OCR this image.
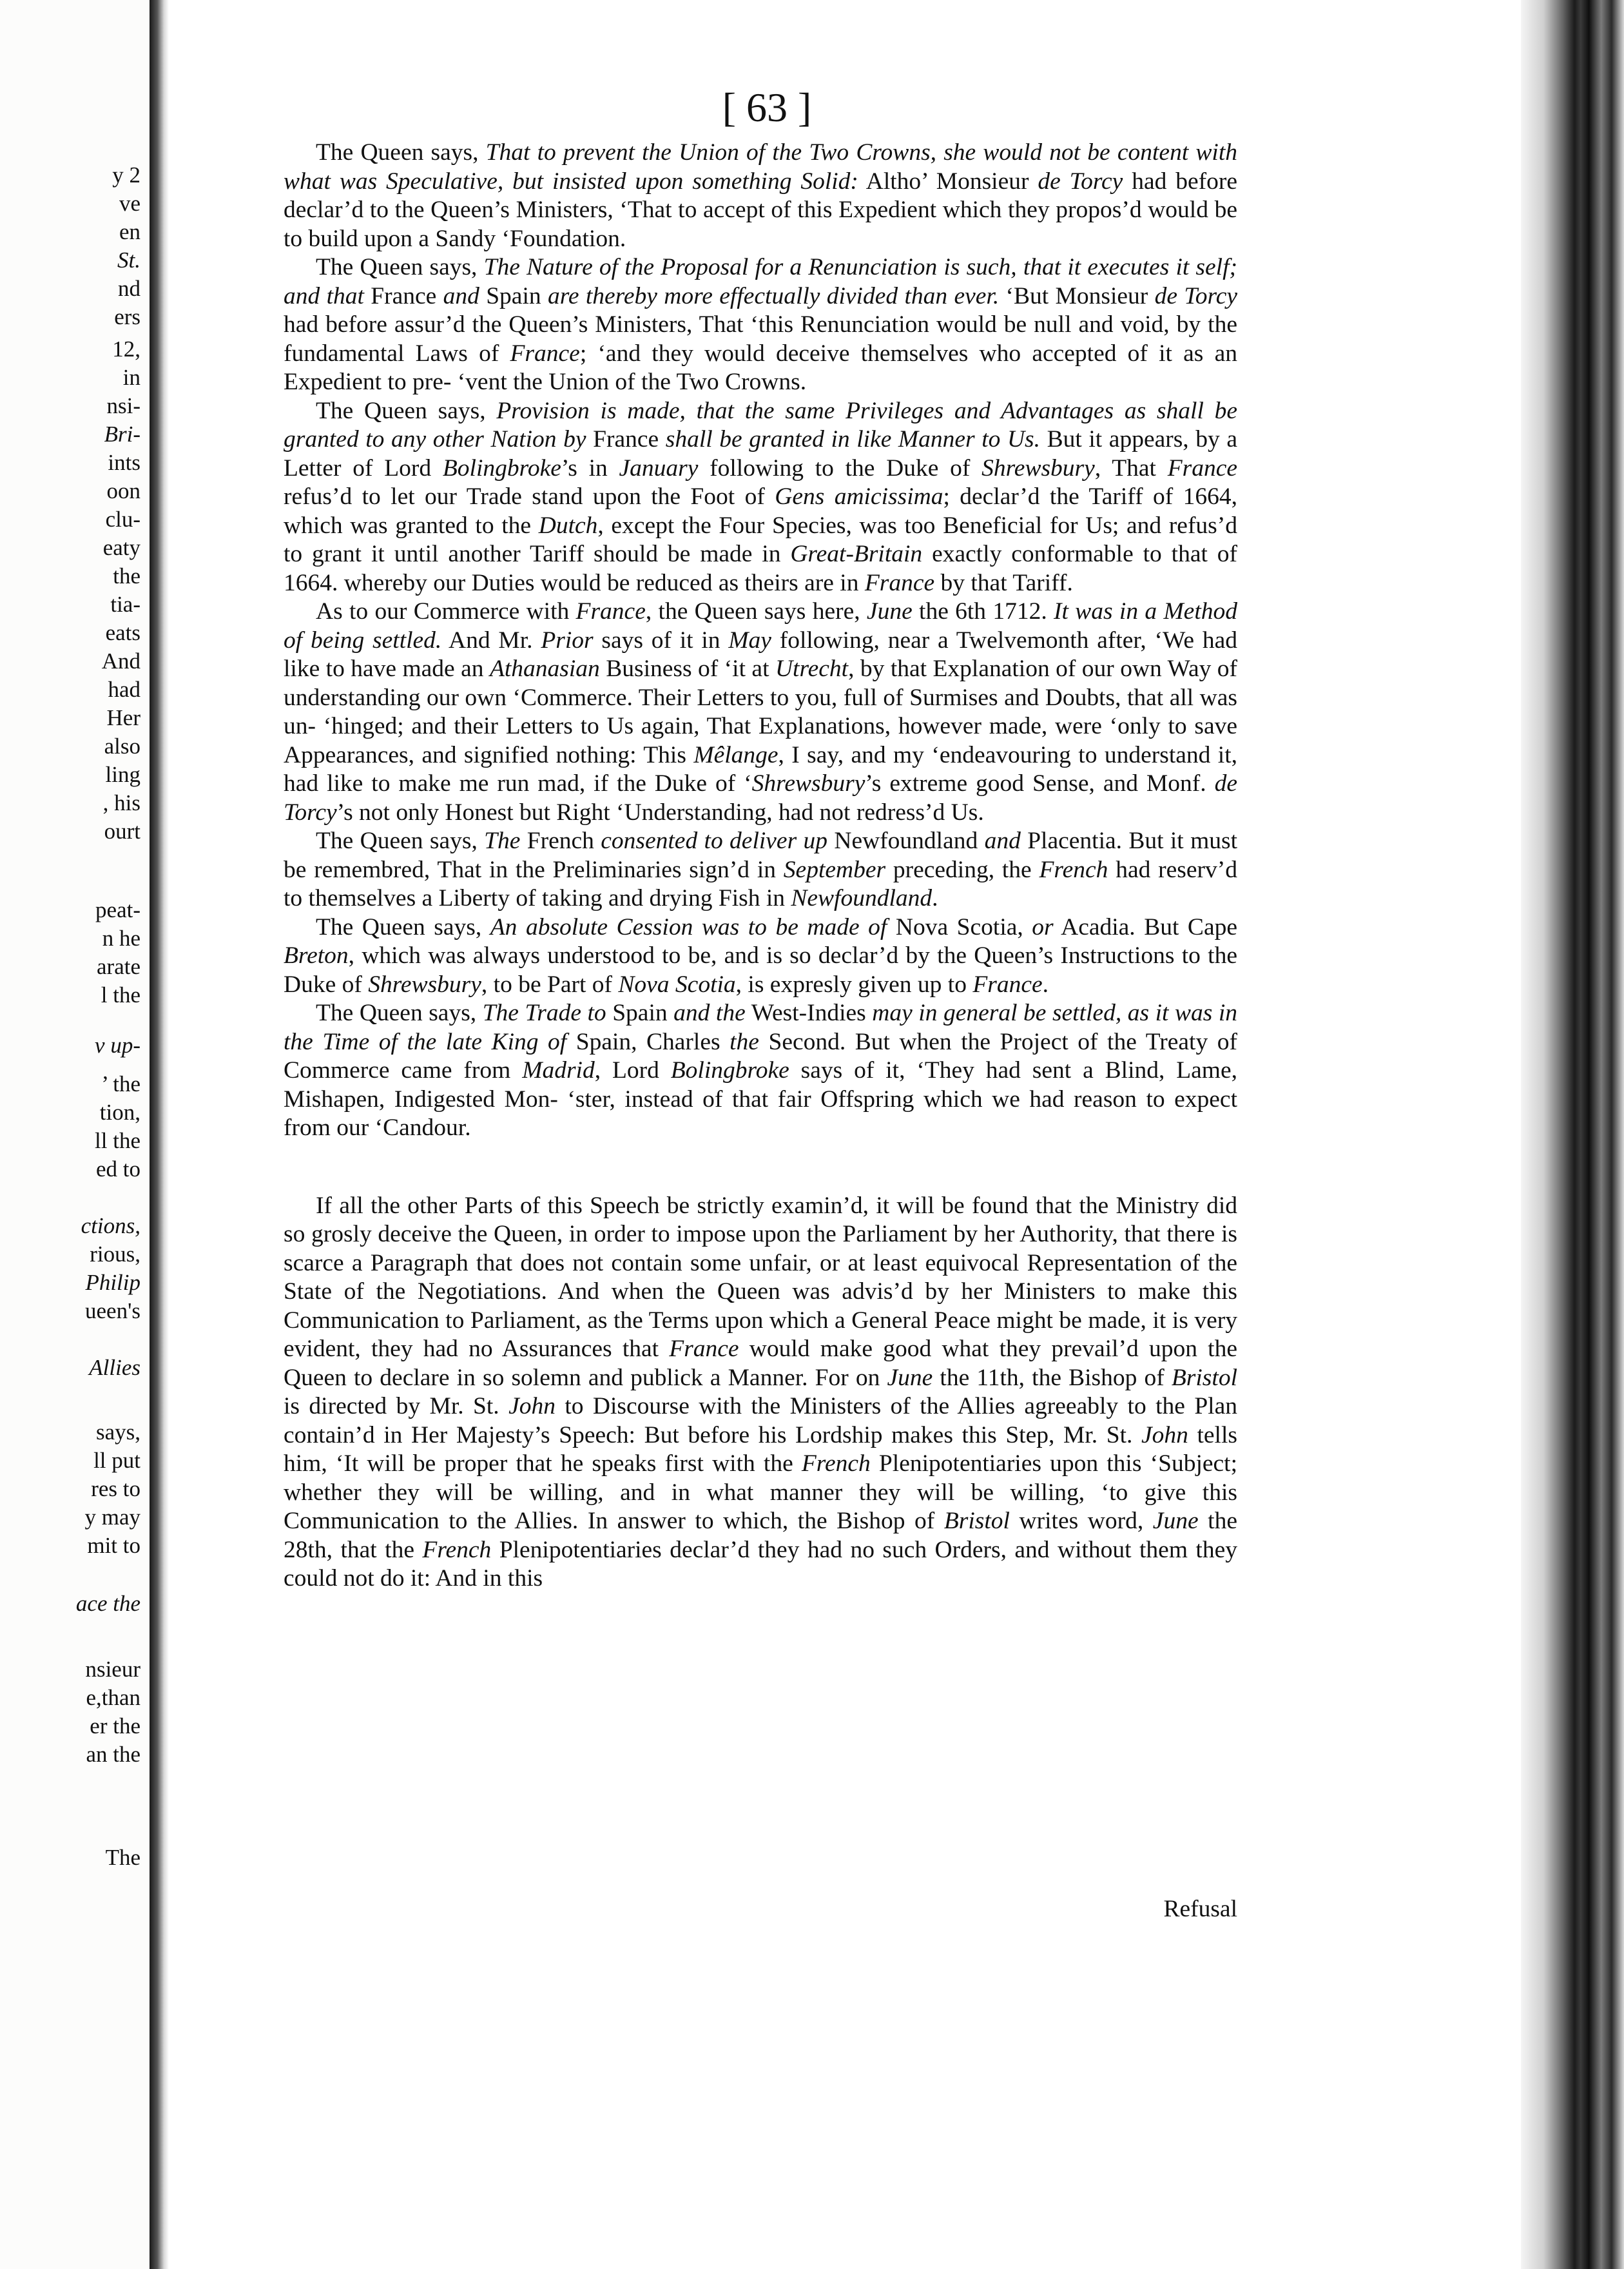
y 2

ve

en

St.

nd

ers

12,

in

nsi-

Bri-

ints

oon

clu-

eaty

the

tia-

eats

And

had

Her

also

ling

, his

ourt

peat-

n he

arate

l the

v up-

’ the

tion,

ll the

ed to

ctions,

rious,

Philip

ueen's

Allies

says,

ll put

res to

y may

mit to

ace the

nsieur

e,than

er the

an the

The

[ 63 ]

The Queen says, That to prevent the Union of the Two Crowns, she would not be content with what was Speculative, but insisted upon something Solid: Altho’ Monsieur de Torcy had before declar’d to the Queen’s Ministers, ‘That to accept of this Expedient which they propos’d would be to build upon a Sandy ‘Foundation.

The Queen says, The Nature of the Proposal for a Renunciation is such, that it executes it self; and that France and Spain are thereby more effectually divided than ever. ‘But Monsieur de Torcy had before assur’d the Queen’s Ministers, That ‘this Renunciation would be null and void, by the fundamental Laws of France; ‘and they would deceive themselves who accepted of it as an Expedient to pre- ‘vent the Union of the Two Crowns.

The Queen says, Provision is made, that the same Privileges and Advantages as shall be granted to any other Nation by France shall be granted in like Manner to Us. But it appears, by a Letter of Lord Bolingbroke’s in January following to the Duke of Shrewsbury, That France refus’d to let our Trade stand upon the Foot of Gens amicissima; declar’d the Tariff of 1664, which was granted to the Dutch, except the Four Species, was too Beneficial for Us; and refus’d to grant it until another Tariff should be made in Great-Britain exactly conformable to that of 1664. whereby our Duties would be reduced as theirs are in France by that Tariff.

As to our Commerce with France, the Queen says here, June the 6th 1712. It was in a Method of being settled. And Mr. Prior says of it in May following, near a Twelvemonth after, ‘We had like to have made an Athanasian Business of ‘it at Utrecht, by that Explanation of our own Way of understanding our own ‘Commerce. Their Letters to you, full of Surmises and Doubts, that all was un- ‘hinged; and their Letters to Us again, That Explanations, however made, were ‘only to save Appearances, and signified nothing: This Mêlange, I say, and my ‘endeavouring to understand it, had like to make me run mad, if the Duke of ‘Shrewsbury’s extreme good Sense, and Monf. de Torcy’s not only Honest but Right ‘Understanding, had not redress’d Us.

The Queen says, The French consented to deliver up Newfoundland and Placentia. But it must be remembred, That in the Preliminaries sign’d in September preceding, the French had reserv’d to themselves a Liberty of taking and drying Fish in Newfoundland.

The Queen says, An absolute Cession was to be made of Nova Scotia, or Acadia. But Cape Breton, which was always understood to be, and is so declar’d by the Queen’s Instructions to the Duke of Shrewsbury, to be Part of Nova Scotia, is expresly given up to France.

The Queen says, The Trade to Spain and the West-Indies may in general be settled, as it was in the Time of the late King of Spain, Charles the Second. But when the Project of the Treaty of Commerce came from Madrid, Lord Bolingbroke says of it, ‘They had sent a Blind, Lame, Mishapen, Indigested Mon- ‘ster, instead of that fair Offspring which we had reason to expect from our ‘Candour.

If all the other Parts of this Speech be strictly examin’d, it will be found that the Ministry did so grosly deceive the Queen, in order to impose upon the Parliament by her Authority, that there is scarce a Paragraph that does not contain some unfair, or at least equivocal Representation of the State of the Negotiations. And when the Queen was advis’d by her Ministers to make this Communication to Parliament, as the Terms upon which a General Peace might be made, it is very evident, they had no Assurances that France would make good what they prevail’d upon the Queen to declare in so solemn and publick a Manner. For on June the 11th, the Bishop of Bristol is directed by Mr. St. John to Discourse with the Ministers of the Allies agreeably to the Plan contain’d in Her Majesty’s Speech: But before his Lordship makes this Step, Mr. St. John tells him, ‘It will be proper that he speaks first with the French Plenipotentiaries upon this ‘Subject; whether they will be willing, and in what manner they will be willing, ‘to give this Communication to the Allies. In answer to which, the Bishop of Bristol writes word, June the 28th, that the French Plenipotentiaries declar’d they had no such Orders, and without them they could not do it: And in this

Refusal
